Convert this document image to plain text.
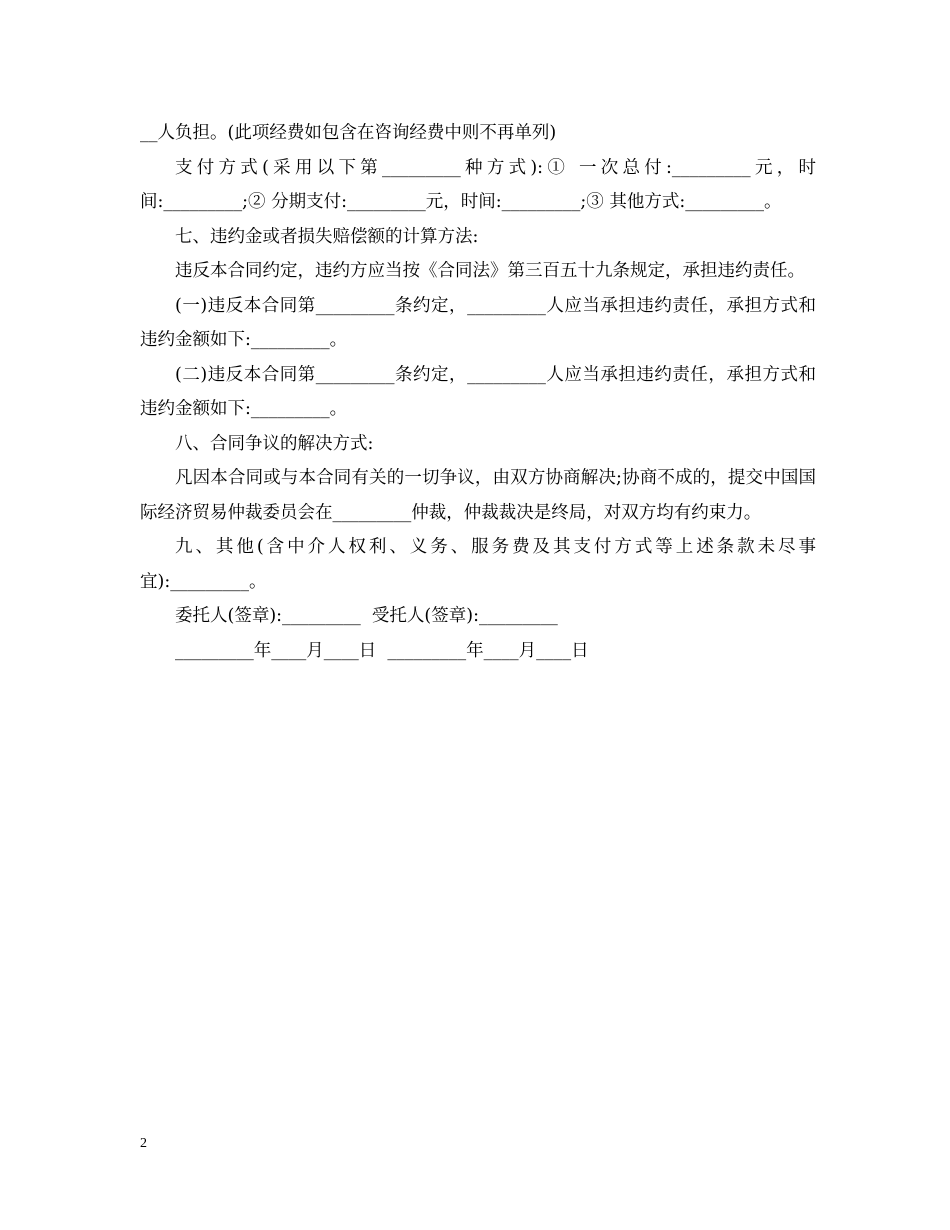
__人负担。(此项经费如包含在咨询经费中则不再单列)

支付方式(采用以下第_________种方式):① 一次总付:_________元，时间:_________;② 分期支付:_________元，时间:_________;③ 其他方式:_________。

七、违约金或者损失赔偿额的计算方法:

违反本合同约定，违约方应当按《合同法》第三百五十九条规定，承担违约责任。

(一)违反本合同第_________条约定，_________人应当承担违约责任，承担方式和违约金额如下:_________。

(二)违反本合同第_________条约定，_________人应当承担违约责任，承担方式和违约金额如下:_________。

八、合同争议的解决方式:

凡因本合同或与本合同有关的一切争议，由双方协商解决;协商不成的，提交中国国际经济贸易仲裁委员会在_________仲裁，仲裁裁决是终局，对双方均有约束力。

九、其他(含中介人权利、义务、服务费及其支付方式等上述条款未尽事宜):_________。

委托人(签章):_________  受托人(签章):_________

_________年____月____日  _________年____月____日

2
